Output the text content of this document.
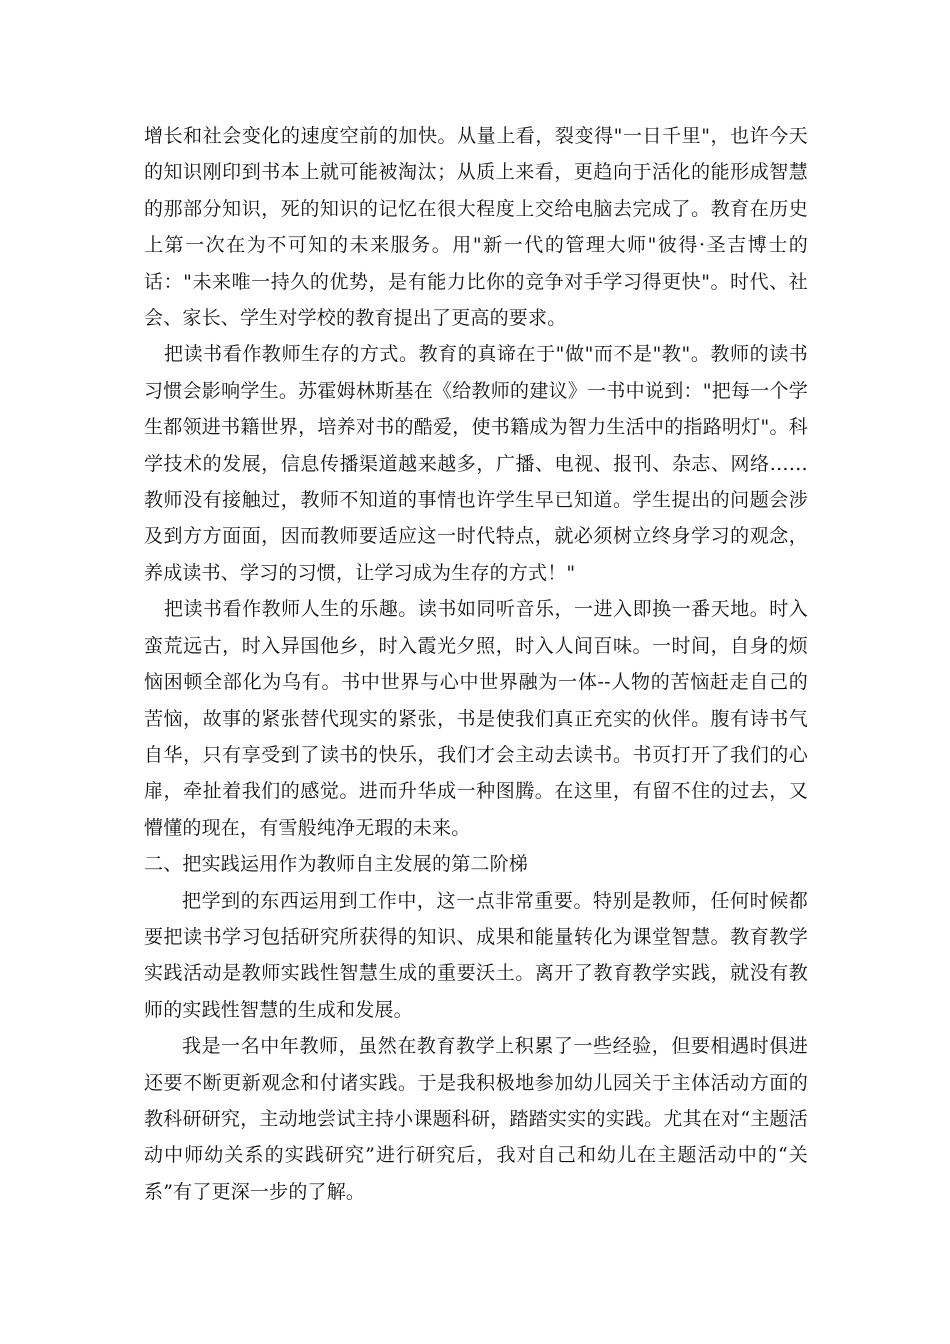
增长和社会变化的速度空前的加快。从量上看，裂变得"一日千里"，也许今天的知识刚印到书本上就可能被淘汰；从质上来看，更趋向于活化的能形成智慧的那部分知识，死的知识的记忆在很大程度上交给电脑去完成了。教育在历史上第一次在为不可知的未来服务。用"新一代的管理大师"彼得·圣吉博士的话："未来唯一持久的优势，是有能力比你的竞争对手学习得更快"。时代、社会、家长、学生对学校的教育提出了更高的要求。

把读书看作教师生存的方式。教育的真谛在于"做"而不是"教"。教师的读书习惯会影响学生。苏霍姆林斯基在《给教师的建议》一书中说到："把每一个学生都领进书籍世界，培养对书的酷爱，使书籍成为智力生活中的指路明灯"。科学技术的发展，信息传播渠道越来越多，广播、电视、报刊、杂志、网络……教师没有接触过，教师不知道的事情也许学生早已知道。学生提出的问题会涉及到方方面面，因而教师要适应这一时代特点，就必须树立终身学习的观念，养成读书、学习的习惯，让学习成为生存的方式！"

把读书看作教师人生的乐趣。读书如同听音乐，一进入即换一番天地。时入蛮荒远古，时入异国他乡，时入霞光夕照，时入人间百味。一时间，自身的烦恼困顿全部化为乌有。书中世界与心中世界融为一体--人物的苦恼赶走自己的苦恼，故事的紧张替代现实的紧张，书是使我们真正充实的伙伴。腹有诗书气自华，只有享受到了读书的快乐，我们才会主动去读书。书页打开了我们的心扉，牵扯着我们的感觉。进而升华成一种图腾。在这里，有留不住的过去，又懵懂的现在，有雪般纯净无瑕的未来。

二、把实践运用作为教师自主发展的第二阶梯

把学到的东西运用到工作中，这一点非常重要。特别是教师，任何时候都要把读书学习包括研究所获得的知识、成果和能量转化为课堂智慧。教育教学实践活动是教师实践性智慧生成的重要沃土。离开了教育教学实践，就没有教师的实践性智慧的生成和发展。

我是一名中年教师，虽然在教育教学上积累了一些经验，但要相遇时俱进还要不断更新观念和付诸实践。于是我积极地参加幼儿园关于主体活动方面的教科研研究，主动地尝试主持小课题科研，踏踏实实的实践。尤其在对“主题活动中师幼关系的实践研究”进行研究后，我对自己和幼儿在主题活动中的“关系”有了更深一步的了解。
